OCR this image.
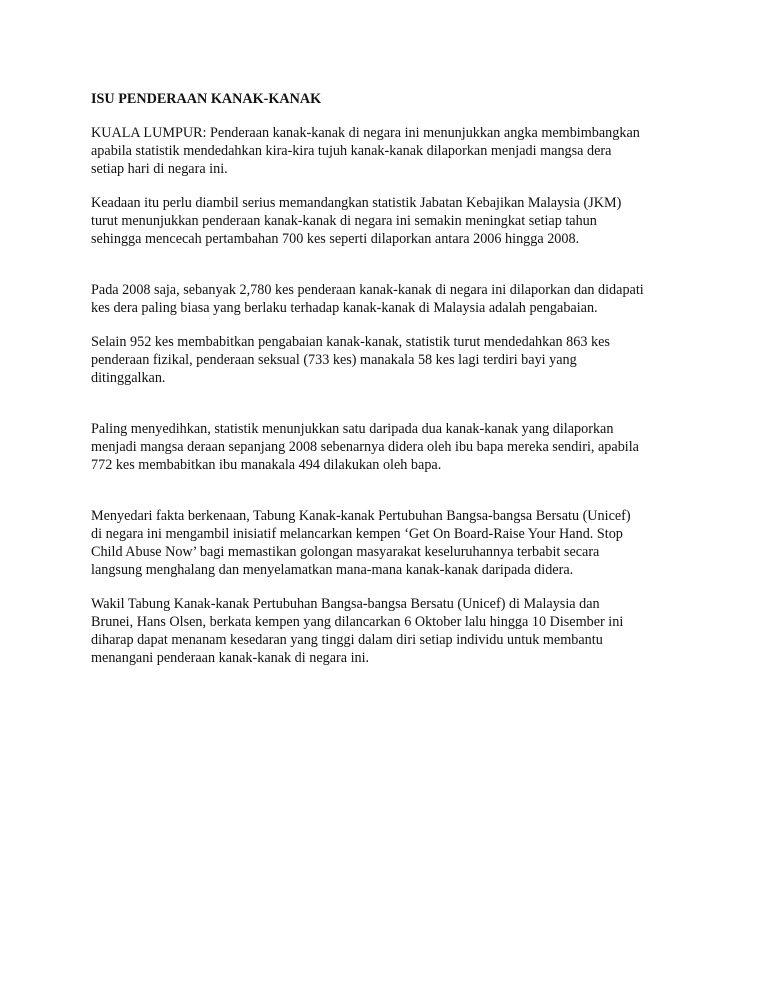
ISU PENDERAAN KANAK-KANAK
KUALA LUMPUR: Penderaan kanak-kanak di negara ini menunjukkan angka membimbangkan
apabila statistik mendedahkan kira-kira tujuh kanak-kanak dilaporkan menjadi mangsa dera
setiap hari di negara ini.
Keadaan itu perlu diambil serius memandangkan statistik Jabatan Kebajikan Malaysia (JKM)
turut menunjukkan penderaan kanak-kanak di negara ini semakin meningkat setiap tahun
sehingga mencecah pertambahan 700 kes seperti dilaporkan antara 2006 hingga 2008.
Pada 2008 saja, sebanyak 2,780 kes penderaan kanak-kanak di negara ini dilaporkan dan didapati
kes dera paling biasa yang berlaku terhadap kanak-kanak di Malaysia adalah pengabaian.
Selain 952 kes membabitkan pengabaian kanak-kanak, statistik turut mendedahkan 863 kes
penderaan fizikal, penderaan seksual (733 kes) manakala 58 kes lagi terdiri bayi yang
ditinggalkan.
Paling menyedihkan, statistik menunjukkan satu daripada dua kanak-kanak yang dilaporkan
menjadi mangsa deraan sepanjang 2008 sebenarnya didera oleh ibu bapa mereka sendiri, apabila
772 kes membabitkan ibu manakala 494 dilakukan oleh bapa.
Menyedari fakta berkenaan, Tabung Kanak-kanak Pertubuhan Bangsa-bangsa Bersatu (Unicef)
di negara ini mengambil inisiatif melancarkan kempen ‘Get On Board-Raise Your Hand. Stop
Child Abuse Now’ bagi memastikan golongan masyarakat keseluruhannya terbabit secara
langsung menghalang dan menyelamatkan mana-mana kanak-kanak daripada didera.
Wakil Tabung Kanak-kanak Pertubuhan Bangsa-bangsa Bersatu (Unicef) di Malaysia dan
Brunei, Hans Olsen, berkata kempen yang dilancarkan 6 Oktober lalu hingga 10 Disember ini
diharap dapat menanam kesedaran yang tinggi dalam diri setiap individu untuk membantu
menangani penderaan kanak-kanak di negara ini.
